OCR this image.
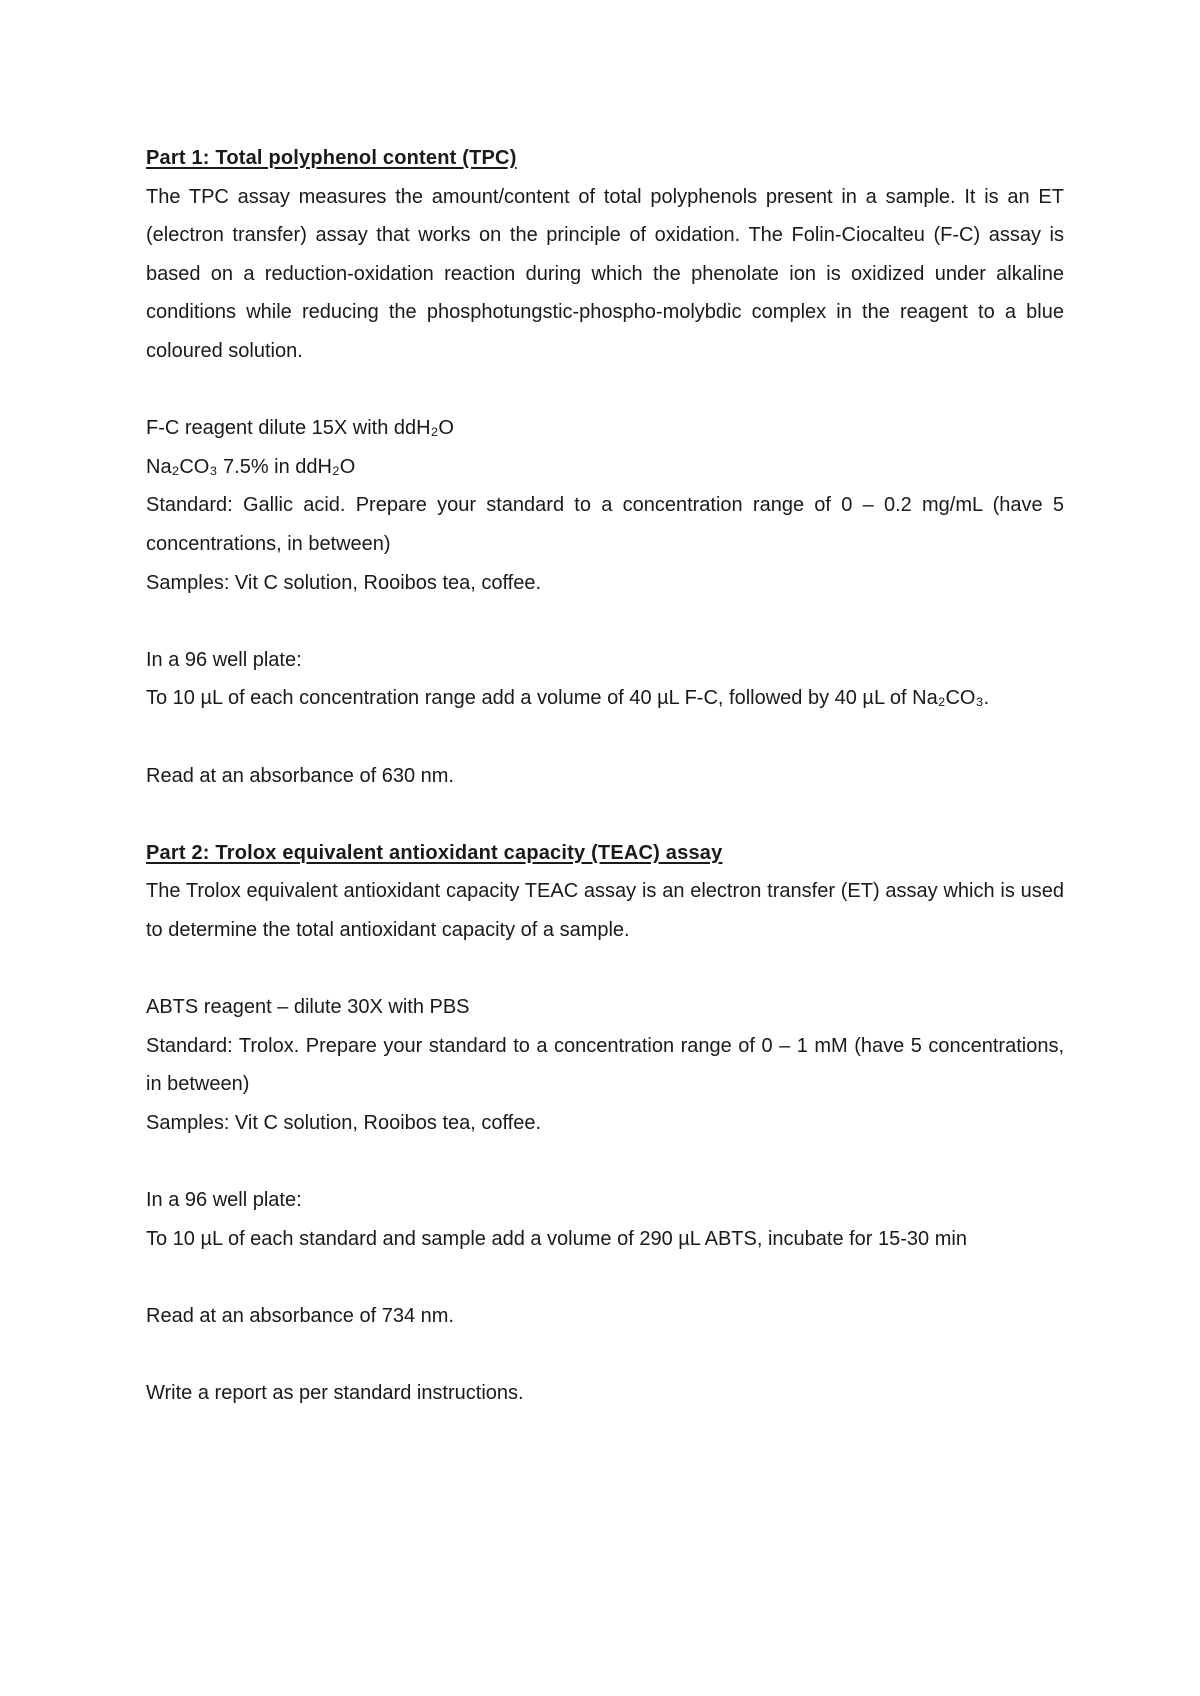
Part 1: Total polyphenol content (TPC)
The TPC assay measures the amount/content of total polyphenols present in a sample. It is an ET (electron transfer) assay that works on the principle of oxidation. The Folin-Ciocalteu (F-C) assay is based on a reduction-oxidation reaction during which the phenolate ion is oxidized under alkaline conditions while reducing the phosphotungstic-phospho-molybdic complex in the reagent to a blue coloured solution.
F-C reagent dilute 15X with ddH₂O
Na₂CO₃ 7.5% in ddH₂O
Standard: Gallic acid. Prepare your standard to a concentration range of 0 – 0.2 mg/mL (have 5 concentrations, in between)
Samples: Vit C solution, Rooibos tea, coffee.
In a 96 well plate:
To 10 µL of each concentration range add a volume of 40 µL F-C, followed by 40 µL of Na₂CO₃.
Read at an absorbance of 630 nm.
Part 2: Trolox equivalent antioxidant capacity (TEAC) assay
The Trolox equivalent antioxidant capacity TEAC assay is an electron transfer (ET) assay which is used to determine the total antioxidant capacity of a sample.
ABTS reagent – dilute 30X with PBS
Standard: Trolox. Prepare your standard to a concentration range of 0 – 1 mM (have 5 concentrations, in between)
Samples: Vit C solution, Rooibos tea, coffee.
In a 96 well plate:
To 10 µL of each standard and sample add a volume of 290 µL ABTS, incubate for 15-30 min
Read at an absorbance of 734 nm.
Write a report as per standard instructions.
